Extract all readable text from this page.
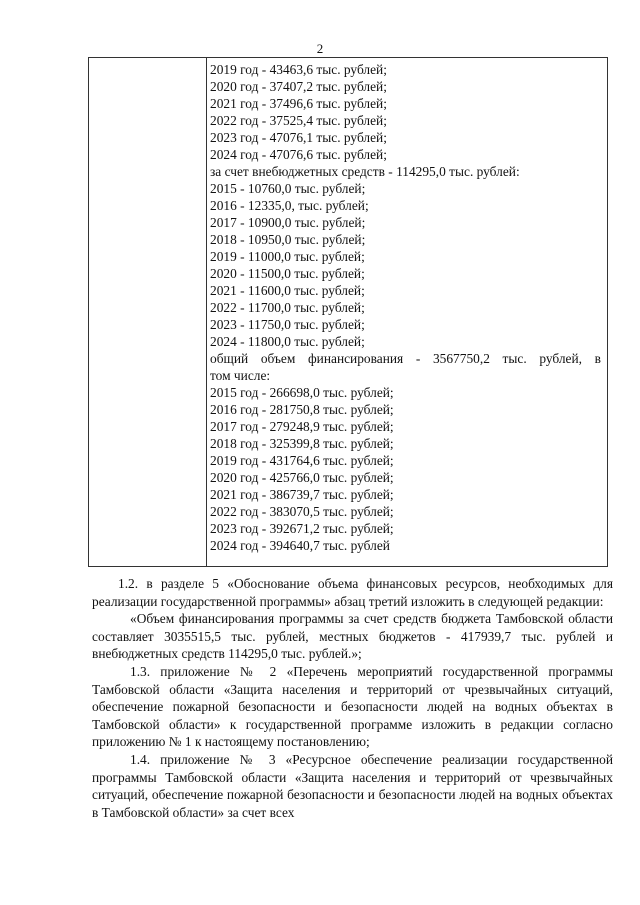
2
2019 год - 43463,6 тыс. рублей;
2020 год - 37407,2 тыс. рублей;
2021 год - 37496,6 тыс. рублей;
2022 год - 37525,4 тыс. рублей;
2023 год - 47076,1 тыс. рублей;
2024 год - 47076,6 тыс. рублей;
за счет внебюджетных средств - 114295,0 тыс. рублей:
2015 - 10760,0 тыс. рублей;
2016 - 12335,0, тыс. рублей;
2017 - 10900,0 тыс. рублей;
2018 - 10950,0 тыс. рублей;
2019 - 11000,0 тыс. рублей;
2020 - 11500,0 тыс. рублей;
2021 - 11600,0 тыс. рублей;
2022 - 11700,0 тыс. рублей;
2023 - 11750,0 тыс. рублей;
2024 - 11800,0 тыс. рублей;
общий объем финансирования - 3567750,2 тыс. рублей, в
том числе:
2015 год - 266698,0 тыс. рублей;
2016 год - 281750,8 тыс. рублей;
2017 год - 279248,9 тыс. рублей;
2018 год - 325399,8 тыс. рублей;
2019 год - 431764,6 тыс. рублей;
2020 год - 425766,0 тыс. рублей;
2021 год - 386739,7 тыс. рублей;
2022 год - 383070,5 тыс. рублей;
2023 год - 392671,2 тыс. рублей;
2024 год - 394640,7 тыс. рублей

1.2. в разделе 5 «Обоснование объема финансовых ресурсов, необходимых для реализации государственной программы» абзац третий изложить в следующей редакции:

«Объем финансирования программы за счет средств бюджета Тамбовской области составляет 3035515,5 тыс. рублей, местных бюджетов - 417939,7 тыс. рублей и внебюджетных средств 114295,0 тыс. рублей.»;

1.3. приложение № 2 «Перечень мероприятий государственной программы Тамбовской области «Защита населения и территорий от чрезвычайных ситуаций, обеспечение пожарной безопасности и безопасности людей на водных объектах в Тамбовской области» к государственной программе изложить в редакции согласно приложению № 1 к настоящему постановлению;

1.4. приложение № 3 «Ресурсное обеспечение реализации государственной программы Тамбовской области «Защита населения и территорий от чрезвычайных ситуаций, обеспечение пожарной безопасности и безопасности людей на водных объектах в Тамбовской области» за счет всех
